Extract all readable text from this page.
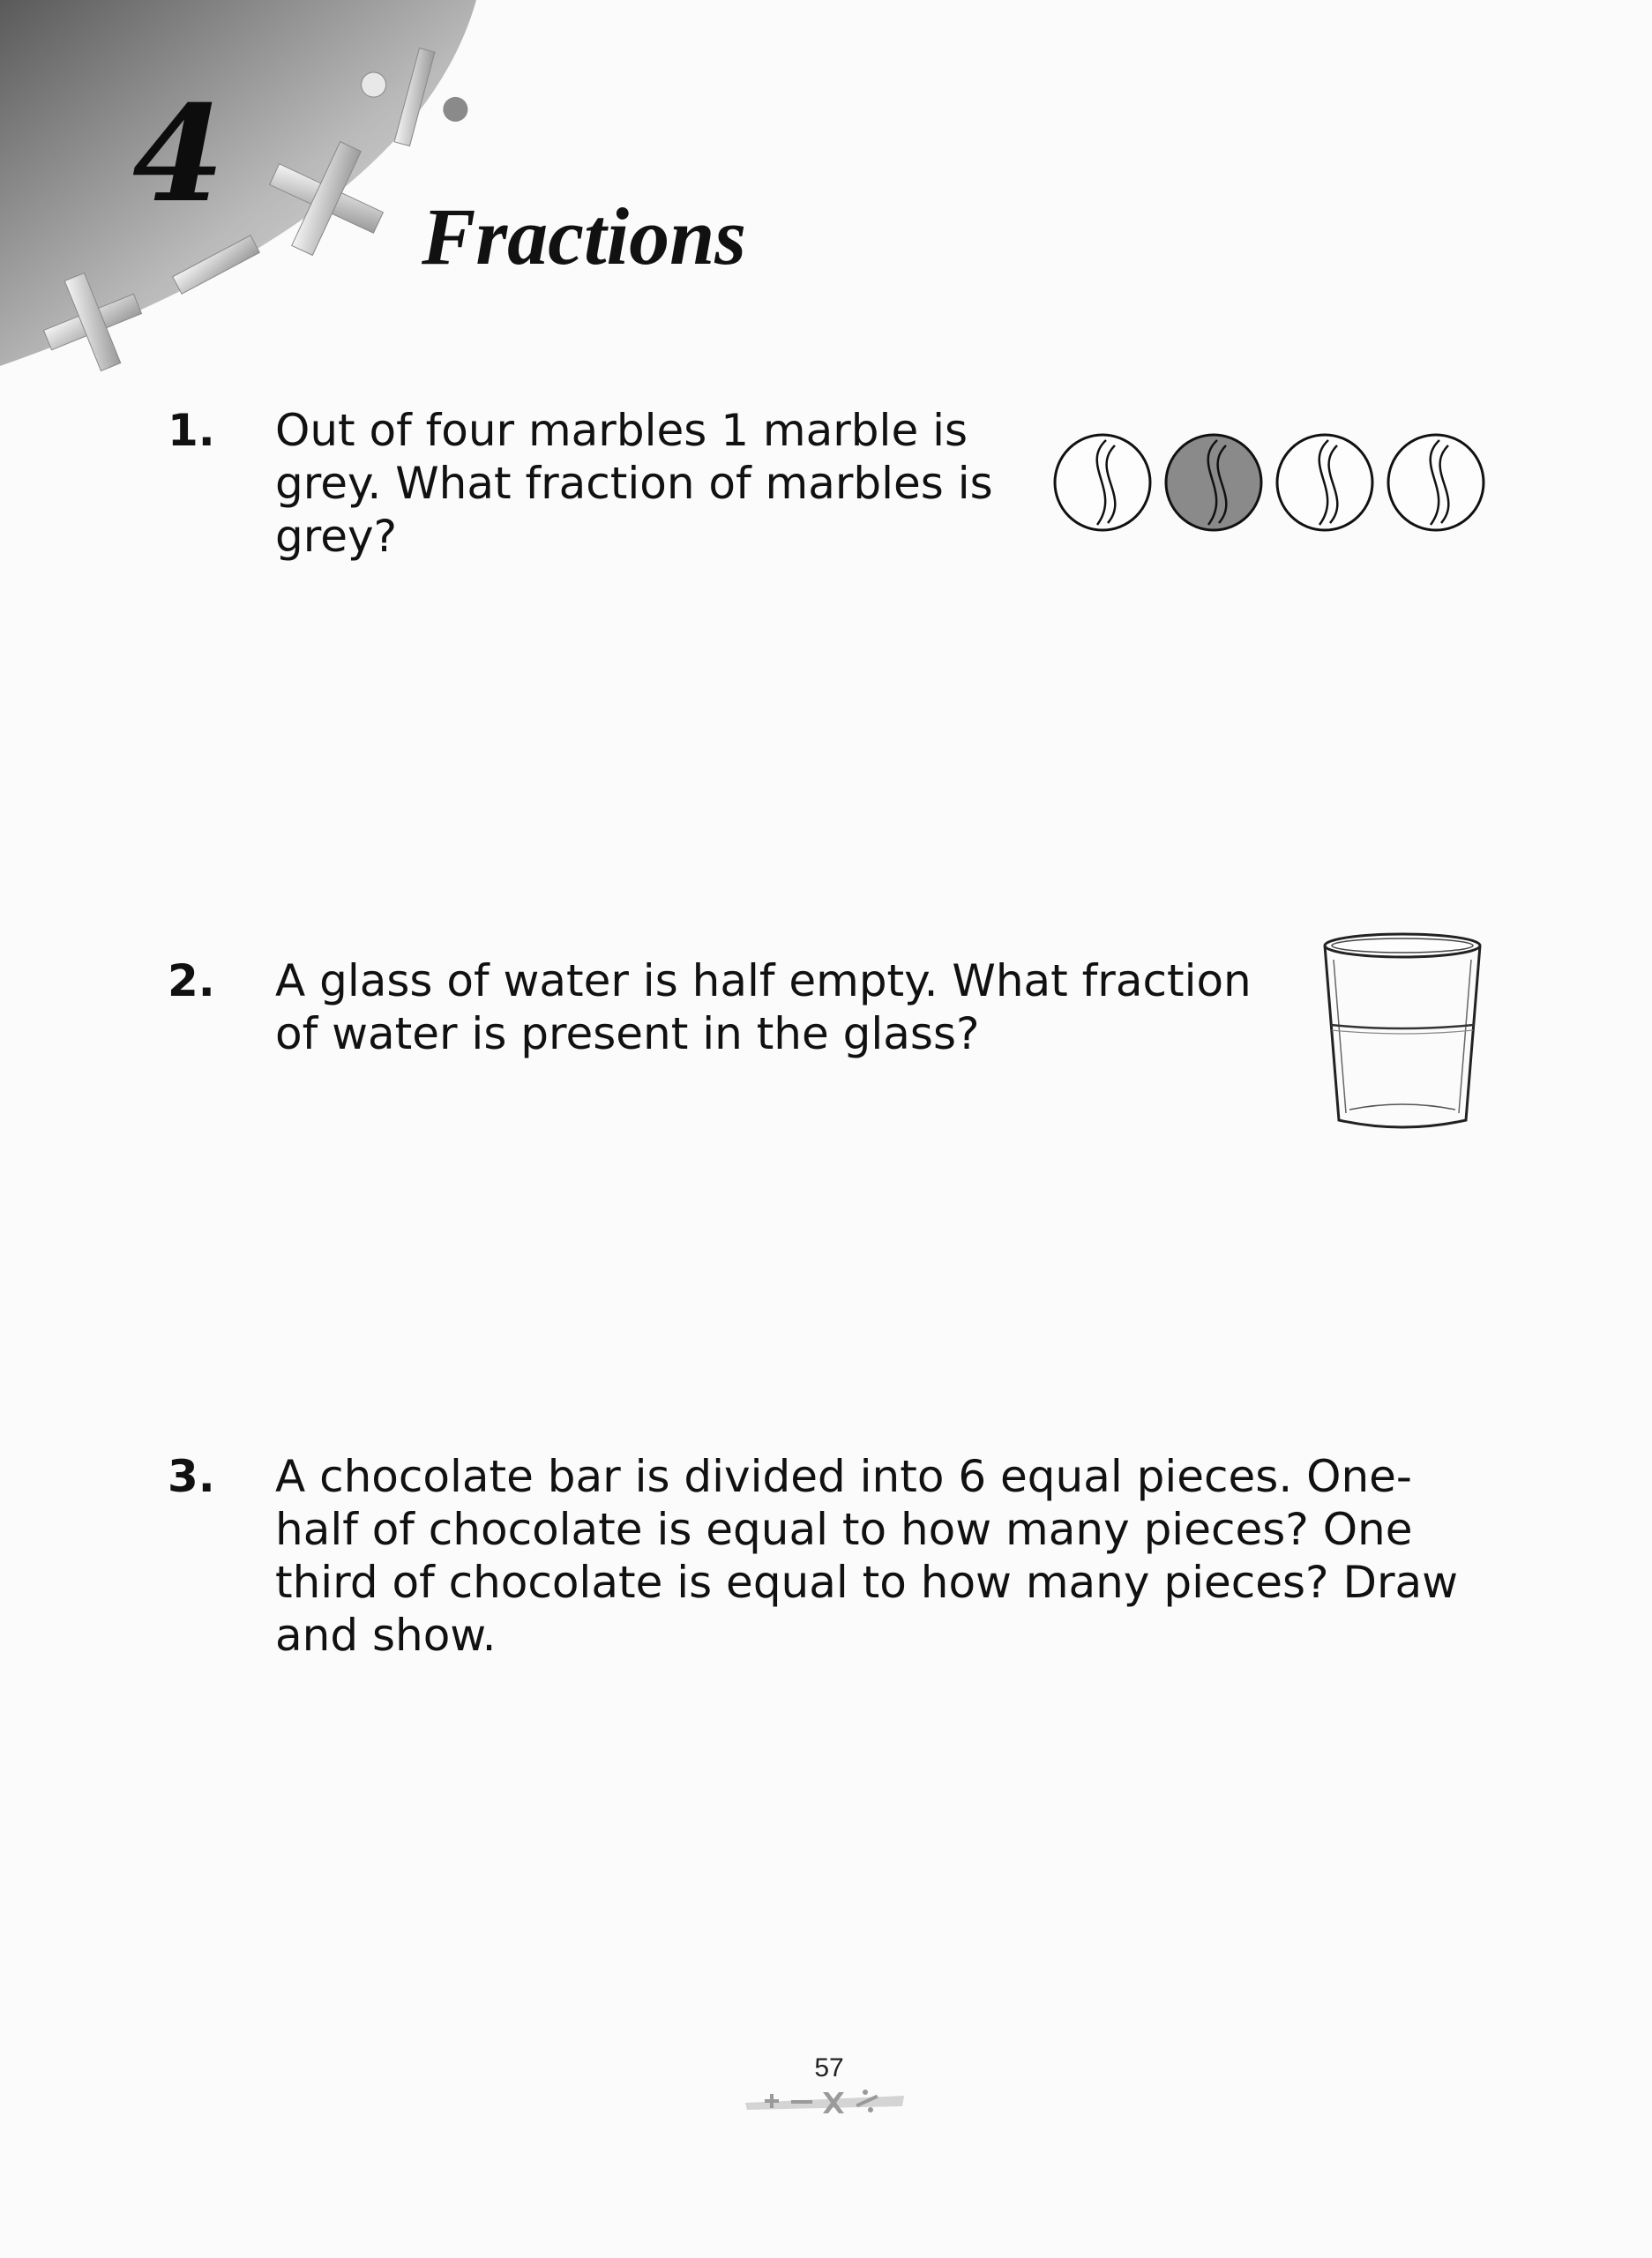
4
Fractions
1.	Out of four marbles 1 marble is
grey. What fraction of marbles is
grey?
2.	A glass of water is half empty. What fraction
of water is present in the glass?
3.	A chocolate bar is divided into 6 equal pieces. One-
half of chocolate is equal to how many pieces? One
third of chocolate is equal to how many pieces? Draw
and show.
57
